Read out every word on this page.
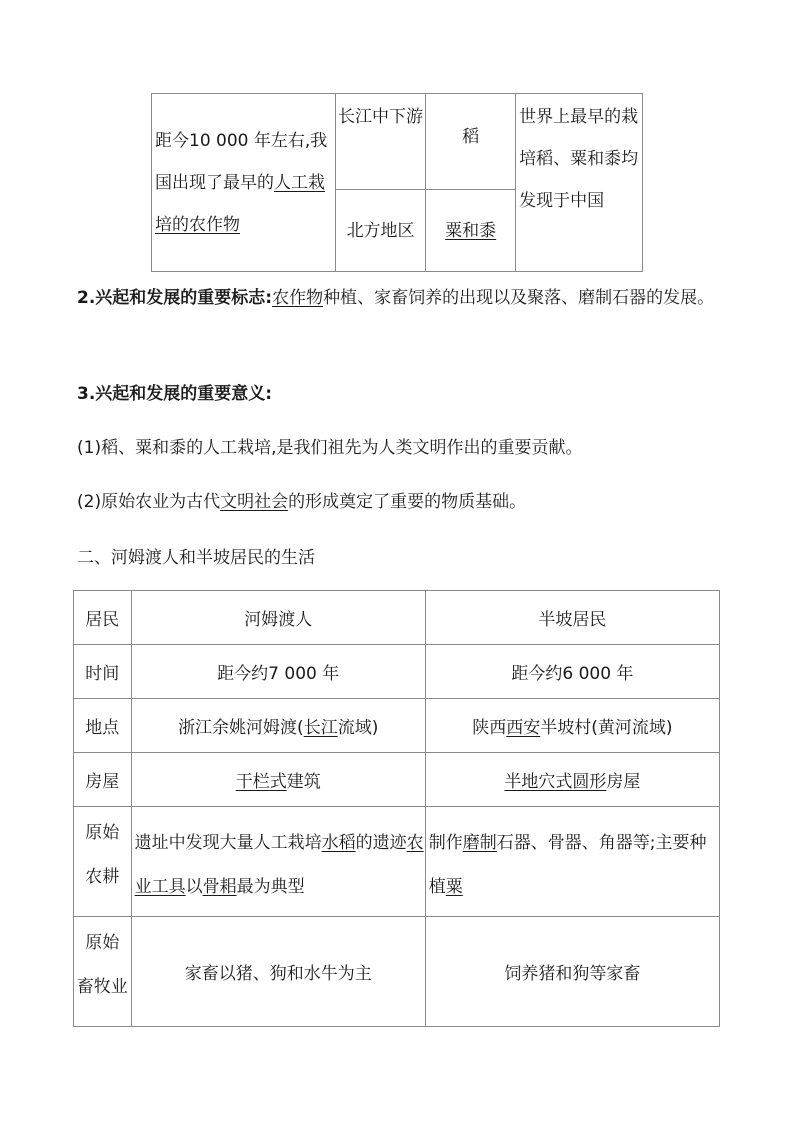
距今10 000 年左右,我国出现了最早的人工栽培的农作物	长江中下游	稻	世界上最早的栽培稻、粟和黍均发现于中国
	北方地区	粟和黍	
2.兴起和发展的重要标志:农作物种植、家畜饲养的出现以及聚落、磨制石器的发展。
3.兴起和发展的重要意义:
(1)稻、粟和黍的人工栽培,是我们祖先为人类文明作出的重要贡献。
(2)原始农业为古代文明社会的形成奠定了重要的物质基础。
二、河姆渡人和半坡居民的生活
居民	河姆渡人	半坡居民
时间	距今约7 000 年	距今约6 000 年
地点	浙江余姚河姆渡(长江流域)	陕西西安半坡村(黄河流域)
房屋	干栏式建筑	半地穴式圆形房屋

原始
农耕	遗址中发现大量人工栽培水稻的遗迹农业工具以骨耜最为典型	制作磨制石器、骨器、角器等;主要种植粟

原始
畜牧业	家畜以猪、狗和水牛为主	饲养猪和狗等家畜
